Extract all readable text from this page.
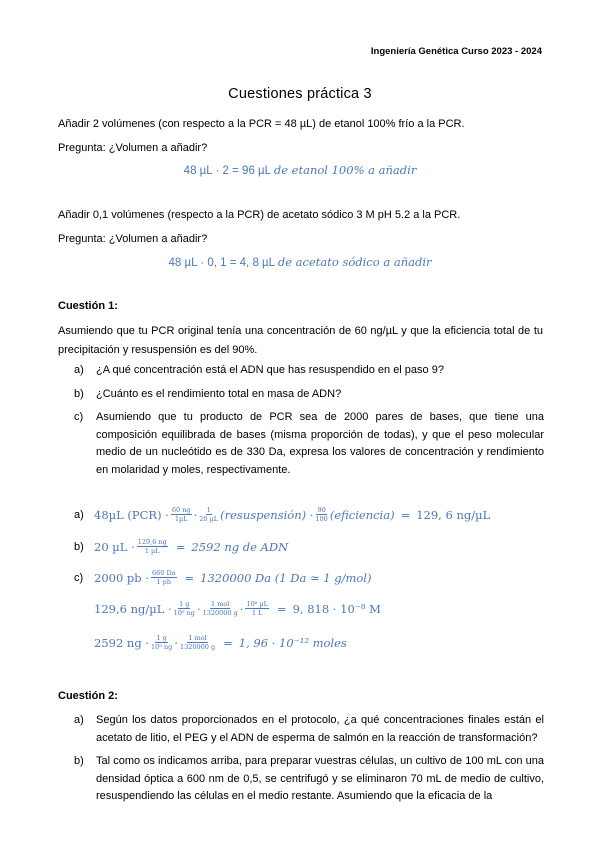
Ingeniería Genética Curso 2023 - 2024
Cuestiones práctica 3
Añadir 2 volúmenes (con respecto a la PCR = 48 µL) de etanol 100% frío a la PCR.
Pregunta: ¿Volumen a añadir?
48 µL · 2 = 96 µL de etanol 100% a añadir
Añadir 0,1 volúmenes (respecto a la PCR) de acetato sódico 3 M pH 5.2 a la PCR.
Pregunta: ¿Volumen a añadir?
48 µL · 0, 1 = 4, 8 µL de acetato sódico a añadir
Cuestión 1:
Asumiendo que tu PCR original tenía una concentración de 60 ng/µL y que la eficiencia total de tu precipitación y resuspensión es del 90%.
a)	¿A qué concentración está el ADN que has resuspendido en el paso 9?
b)	¿Cuánto es el rendimiento total en masa de ADN?
c)	Asumiendo que tu producto de PCR sea de 2000 pares de bases, que tiene una composición equilibrada de bases (misma proporción de todas), y que el peso molecular medio de un nucleótido es de 330 Da, expresa los valores de concentración y rendimiento en molaridad y moles, respectivamente.
a) 48µL (PCR) · 60 ng
1µL · 1
20 µL (resuspensión) · 90
100 (eficiencia) = 129, 6 ng/µL
b) 20 µL · 129,6 ng
1 µL = 2592 ng de ADN
c) 2000 pb · 660 Da
1 pb = 1320000 Da (1 Da ≃ 1 g/mol)
129,6 ng/µL · 1 g
10⁹ ng · 1 mol
1320000 g · 10⁶ µL
1 L = 9, 818 · 10⁻⁸ M
2592 ng · 1 g
10⁹ ng · 1 mol
1320000 g = 1, 96 · 10⁻¹² moles
Cuestión 2:
a)	Según los datos proporcionados en el protocolo, ¿a qué concentraciones finales están el acetato de litio, el PEG y el ADN de esperma de salmón en la reacción de transformación?
b)	Tal como os indicamos arriba, para preparar vuestras células, un cultivo de 100 mL con una densidad óptica a 600 nm de 0,5, se centrifugó y se eliminaron 70 mL de medio de cultivo, resuspendiendo las células en el medio restante. Asumiendo que la eficacia de la
